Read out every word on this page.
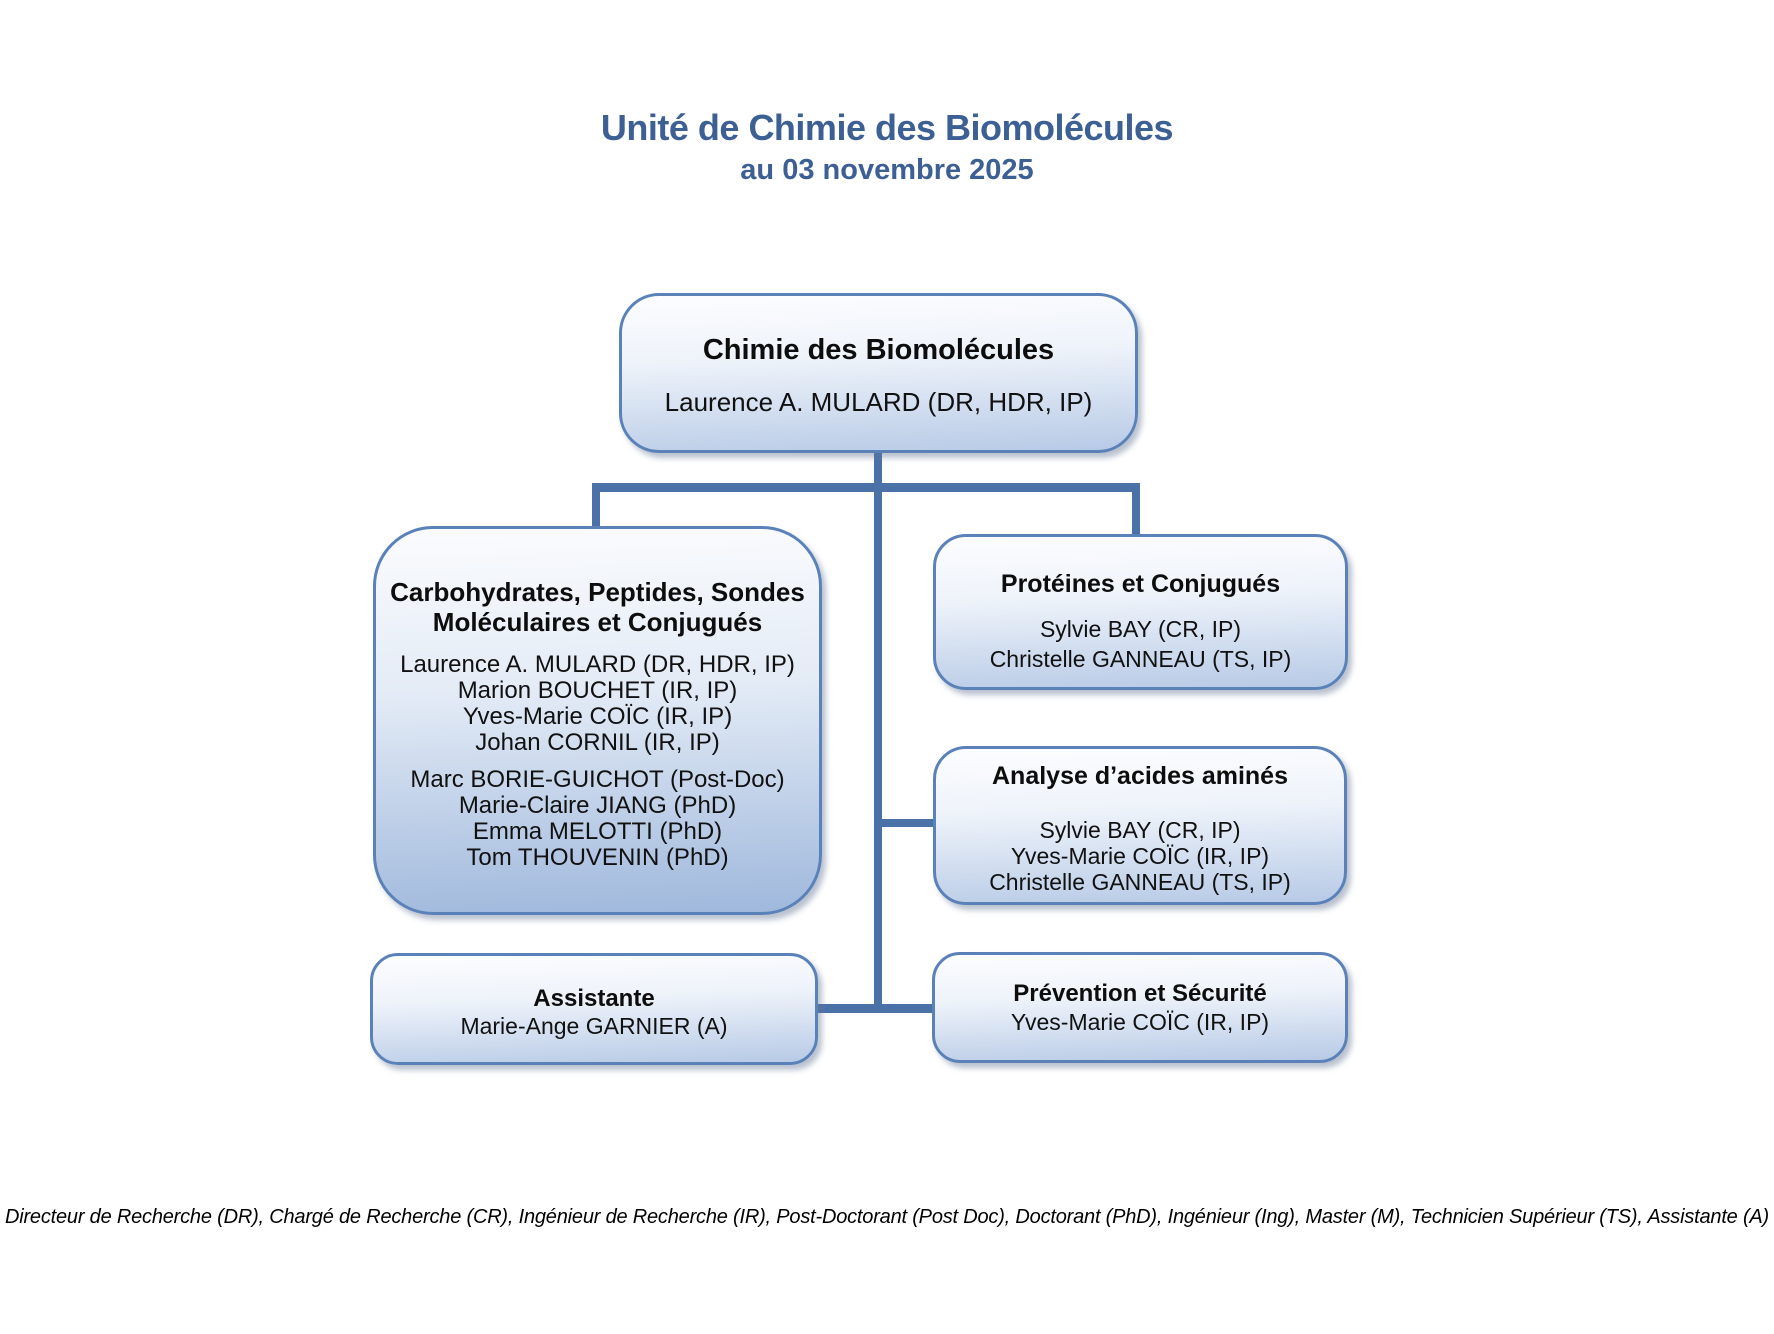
Unité de Chimie des Biomolécules
au 03 novembre 2025
Chimie des Biomolécules
Laurence A. MULARD (DR, HDR, IP)
Carbohydrates, Peptides, Sondes
Moléculaires et Conjugués
Laurence A. MULARD (DR, HDR, IP)
Marion BOUCHET (IR, IP)
Yves-Marie COÏC (IR, IP)
Johan CORNIL (IR, IP)
Marc BORIE-GUICHOT (Post-Doc)
Marie-Claire JIANG (PhD)
Emma MELOTTI (PhD)
Tom THOUVENIN (PhD)
Protéines et Conjugués
Sylvie BAY (CR, IP)
Christelle GANNEAU (TS, IP)
Analyse d’acides aminés
Sylvie BAY (CR, IP)
Yves-Marie COÏC (IR, IP)
Christelle GANNEAU (TS, IP)
Assistante
Marie-Ange GARNIER (A)
Prévention et Sécurité
Yves-Marie COÏC (IR, IP)
Directeur de Recherche (DR), Chargé de Recherche (CR), Ingénieur de Recherche (IR), Post-Doctorant (Post Doc), Doctorant (PhD), Ingénieur (Ing), Master (M), Technicien Supérieur (TS), Assistante (A)
